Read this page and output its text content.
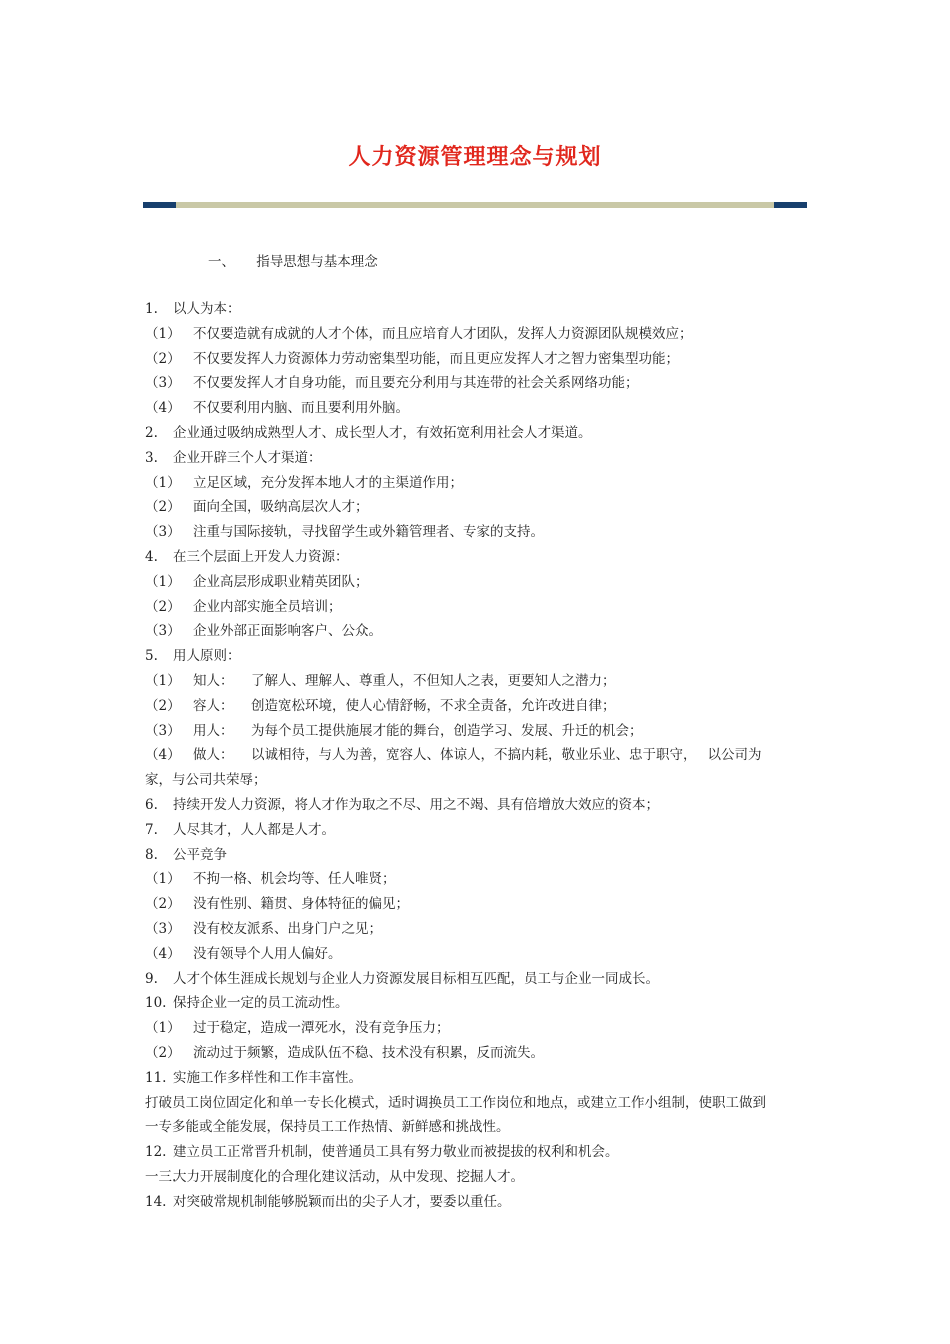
人力资源管理理念与规划
一、 指导思想与基本理念
1. 以人为本：
（1） 不仅要造就有成就的人才个体，而且应培育人才团队，发挥人力资源团队规模效应；
（2） 不仅要发挥人力资源体力劳动密集型功能，而且更应发挥人才之智力密集型功能；
（3） 不仅要发挥人才自身功能，而且要充分利用与其连带的社会关系网络功能；
（4） 不仅要利用内脑、而且要利用外脑。
2. 企业通过吸纳成熟型人才、成长型人才，有效拓宽利用社会人才渠道。
3. 企业开辟三个人才渠道：
（1） 立足区域，充分发挥本地人才的主渠道作用；
（2） 面向全国，吸纳高层次人才；
（3） 注重与国际接轨，寻找留学生或外籍管理者、专家的支持。
4. 在三个层面上开发人力资源：
（1） 企业高层形成职业精英团队；
（2） 企业内部实施全员培训；
（3） 企业外部正面影响客户、公众。
5. 用人原则：
（1） 知人： 了解人、理解人、尊重人，不但知人之表，更要知人之潜力；
（2） 容人： 创造宽松环境，使人心情舒畅，不求全责备，允许改进自律；
（3） 用人： 为每个员工提供施展才能的舞台，创造学习、发展、升迁的机会；
（4） 做人： 以诚相待，与人为善，宽容人、体谅人，不搞内耗，敬业乐业、忠于职守，　 以公司为
家，与公司共荣辱；
6. 持续开发人力资源，将人才作为取之不尽、用之不竭、具有倍增放大效应的资本；
7. 人尽其才，人人都是人才。
8. 公平竞争
（1） 不拘一格、机会均等、任人唯贤；
（2） 没有性别、籍贯、身体特征的偏见；
（3） 没有校友派系、出身门户之见；
（4） 没有领导个人用人偏好。
9. 人才个体生涯成长规划与企业人力资源发展目标相互匹配，员工与企业一同成长。
10. 保持企业一定的员工流动性。
（1） 过于稳定，造成一潭死水，没有竞争压力；
（2） 流动过于频繁，造成队伍不稳、技术没有积累，反而流失。
11. 实施工作多样性和工作丰富性。
打破员工岗位固定化和单一专长化模式，适时调换员工工作岗位和地点，或建立工作小组制，使职工做到
一专多能或全能发展，保持员工工作热情、新鲜感和挑战性。
12. 建立员工正常晋升机制，使普通员工具有努力敬业而被提拔的权利和机会。
一三.大力开展制度化的合理化建议活动，从中发现、挖掘人才。
14. 对突破常规机制能够脱颖而出的尖子人才，要委以重任。
